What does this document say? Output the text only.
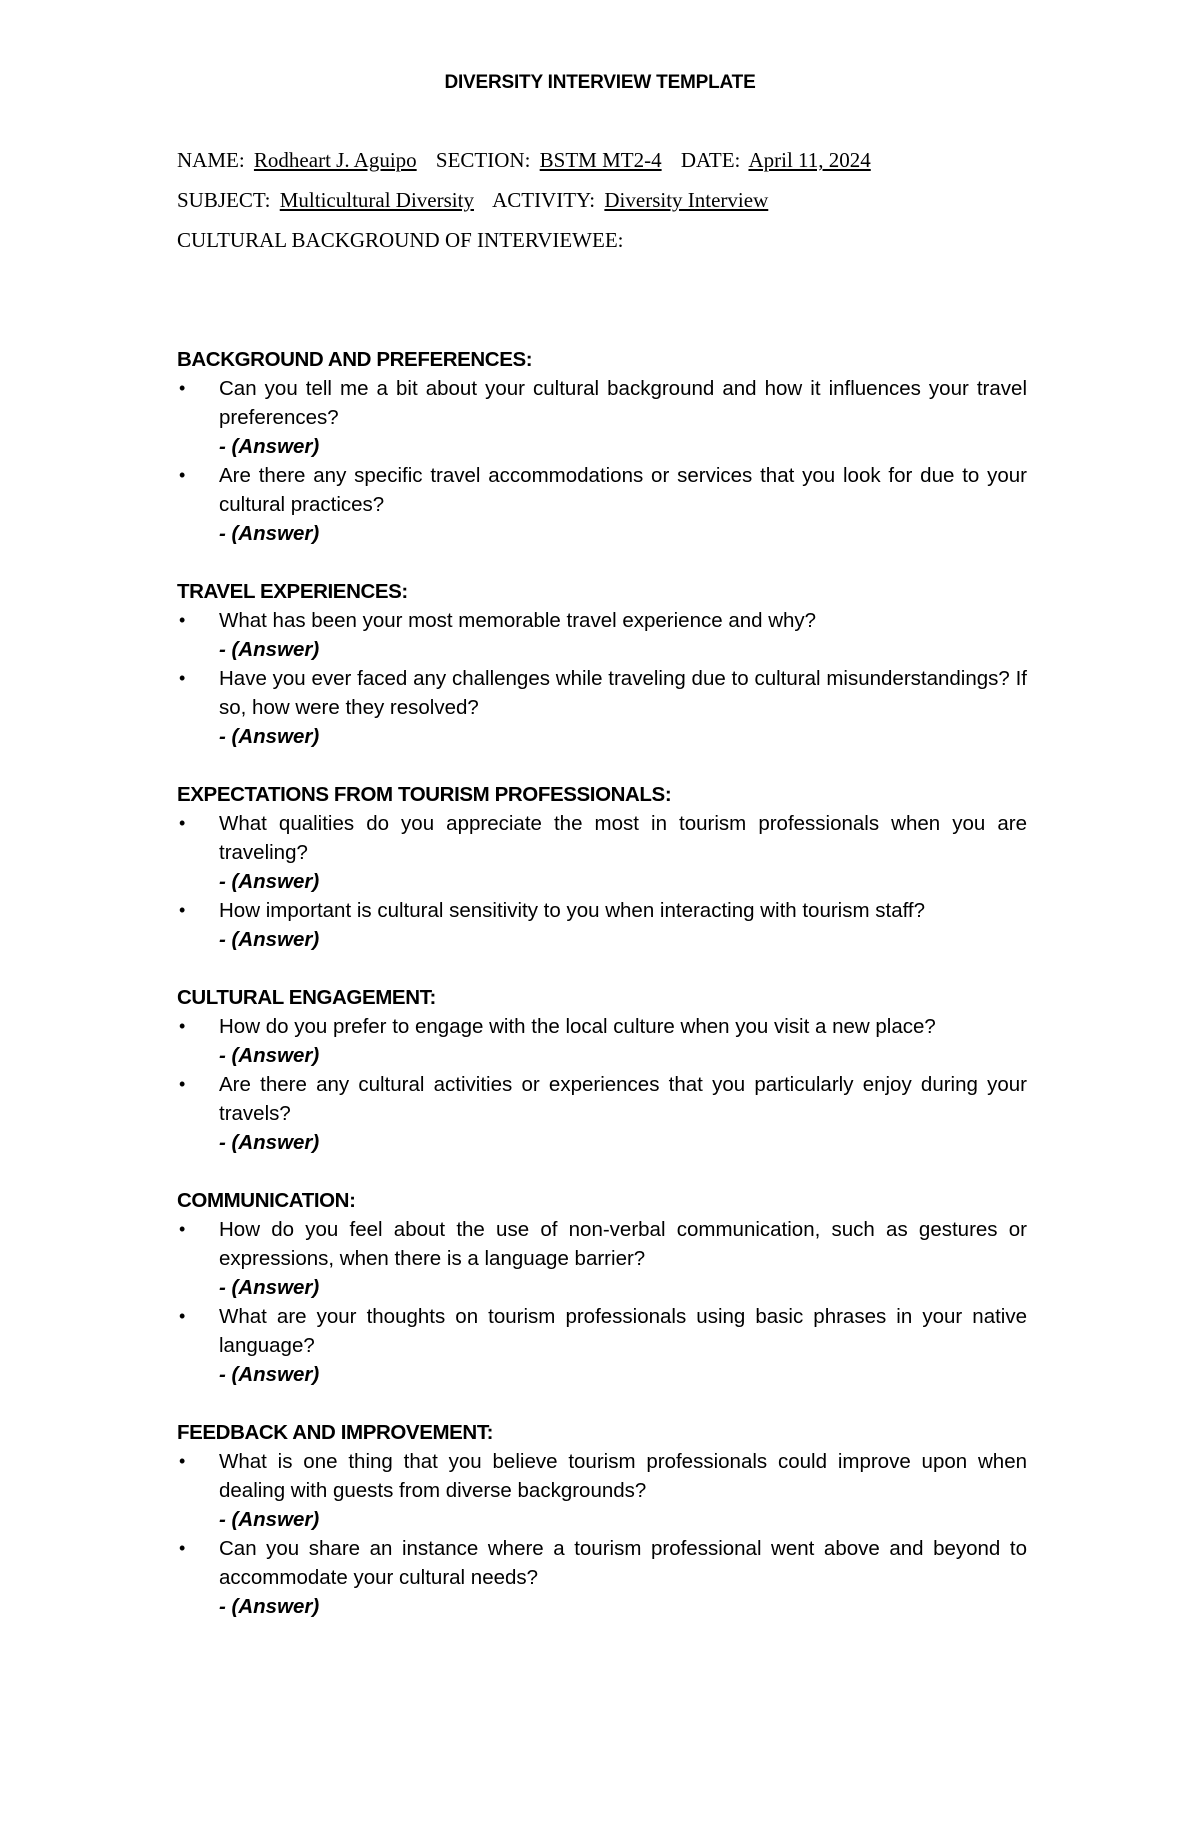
DIVERSITY INTERVIEW TEMPLATE
NAME: Rodheart J. Aguipo SECTION: BSTM MT2-4 DATE: April 11, 2024
SUBJECT: Multicultural Diversity ACTIVITY: Diversity Interview
CULTURAL BACKGROUND OF INTERVIEWEE:
BACKGROUND AND PREFERENCES:
• Can you tell me a bit about your cultural background and how it influences your travel preferences?
- (Answer)
• Are there any specific travel accommodations or services that you look for due to your cultural practices?
- (Answer)
TRAVEL EXPERIENCES:
• What has been your most memorable travel experience and why?
- (Answer)
• Have you ever faced any challenges while traveling due to cultural misunderstandings? If so, how were they resolved?
- (Answer)
EXPECTATIONS FROM TOURISM PROFESSIONALS:
• What qualities do you appreciate the most in tourism professionals when you are traveling?
- (Answer)
• How important is cultural sensitivity to you when interacting with tourism staff?
- (Answer)
CULTURAL ENGAGEMENT:
• How do you prefer to engage with the local culture when you visit a new place?
- (Answer)
• Are there any cultural activities or experiences that you particularly enjoy during your travels?
- (Answer)
COMMUNICATION:
• How do you feel about the use of non-verbal communication, such as gestures or expressions, when there is a language barrier?
- (Answer)
• What are your thoughts on tourism professionals using basic phrases in your native language?
- (Answer)
FEEDBACK AND IMPROVEMENT:
• What is one thing that you believe tourism professionals could improve upon when dealing with guests from diverse backgrounds?
- (Answer)
• Can you share an instance where a tourism professional went above and beyond to accommodate your cultural needs?
- (Answer)
